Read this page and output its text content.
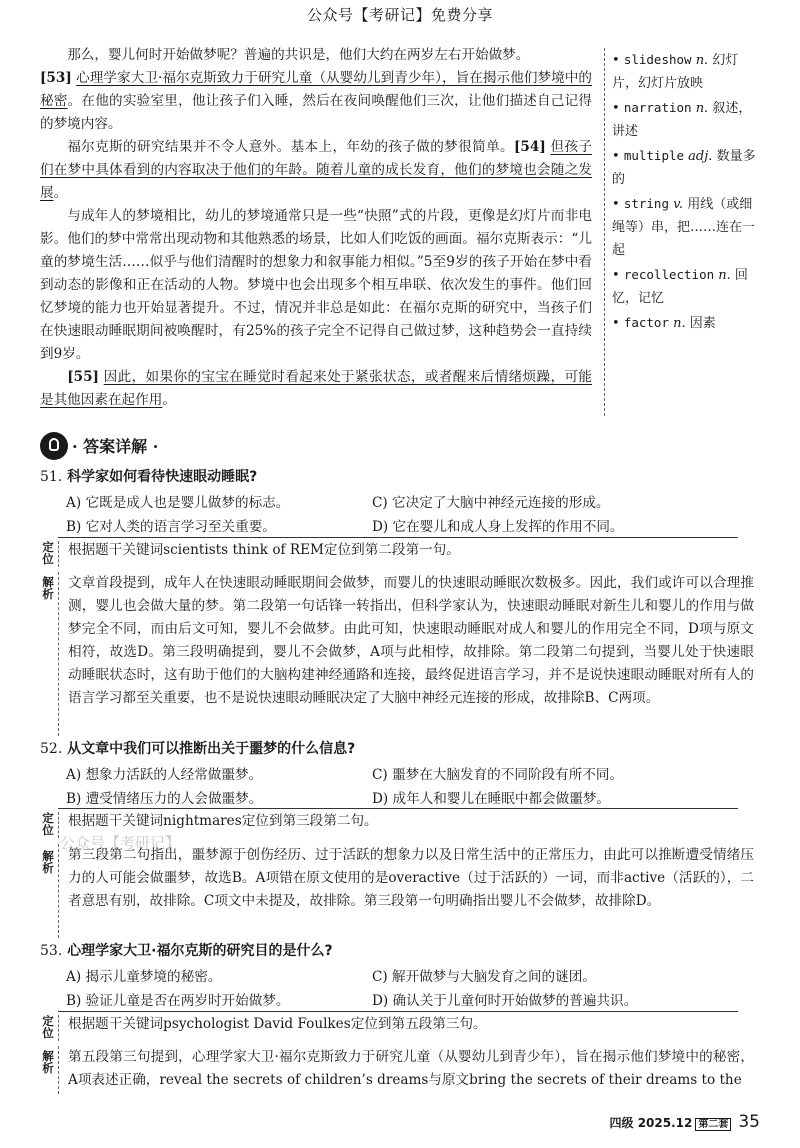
公众号【考研记】免费分享

那么，婴儿何时开始做梦呢？普遍的共识是，他们大约在两岁左右开始做梦。

[53] 心理学家大卫·福尔克斯致力于研究儿童（从婴幼儿到青少年），旨在揭示他们梦境中的秘密。在他的实验室里，他让孩子们入睡，然后在夜间唤醒他们三次，让他们描述自己记得的梦境内容。

福尔克斯的研究结果并不令人意外。基本上，年幼的孩子做的梦很简单。[54] 但孩子们在梦中具体看到的内容取决于他们的年龄。随着儿童的成长发育，他们的梦境也会随之发展。

与成年人的梦境相比，幼儿的梦境通常只是一些“快照”式的片段，更像是幻灯片而非电影。他们的梦中常常出现动物和其他熟悉的场景，比如人们吃饭的画面。福尔克斯表示：“儿童的梦境生活……似乎与他们清醒时的想象力和叙事能力相似。”5至9岁的孩子开始在梦中看到动态的影像和正在活动的人物。梦境中也会出现多个相互串联、依次发生的事件。他们回忆梦境的能力也开始显著提升。不过，情况并非总是如此：在福尔克斯的研究中，当孩子们在快速眼动睡眠期间被唤醒时，有25%的孩子完全不记得自己做过梦，这种趋势会一直持续到9岁。

[55] 因此，如果你的宝宝在睡觉时看起来处于紧张状态，或者醒来后情绪烦躁，可能是其他因素在起作用。

• slideshow n. 幻灯片，幻灯片放映
• narration n. 叙述，讲述
• multiple adj. 数量多的
• string v. 用线（或细绳等）串，把……连在一起
• recollection n. 回忆，记忆
• factor n. 因素
· 答案详解 ·
51. 科学家如何看待快速眼动睡眠?
A) 它既是成人也是婴儿做梦的标志。	C) 它决定了大脑中神经元连接的形成。
B) 它对人类的语言学习至关重要。	D) 它在婴儿和成人身上发挥的作用不同。
定位
根据题干关键词scientists think of REM定位到第二段第一句。
解析
文章首段提到，成年人在快速眼动睡眠期间会做梦，而婴儿的快速眼动睡眠次数极多。因此，我们或许可以合理推测，婴儿也会做大量的梦。第二段第一句话锋一转指出，但科学家认为，快速眼动睡眠对新生儿和婴儿的作用与做梦完全不同，而由后文可知，婴儿不会做梦。由此可知，快速眼动睡眠对成人和婴儿的作用完全不同，D项与原文相符，故选D。第三段明确提到，婴儿不会做梦，A项与此相悖，故排除。第二段第二句提到，当婴儿处于快速眼动睡眠状态时，这有助于他们的大脑构建神经通路和连接，最终促进语言学习，并不是说快速眼动睡眠对所有人的语言学习都至关重要，也不是说快速眼动睡眠决定了大脑中神经元连接的形成，故排除B、C两项。
52. 从文章中我们可以推断出关于噩梦的什么信息?
A) 想象力活跃的人经常做噩梦。	C) 噩梦在大脑发育的不同阶段有所不同。
B) 遭受情绪压力的人会做噩梦。	D) 成年人和婴儿在睡眠中都会做噩梦。
定位
根据题干关键词nightmares定位到第三段第二句。
公众号【考研记】
解析
第三段第二句指出，噩梦源于创伤经历、过于活跃的想象力以及日常生活中的正常压力，由此可以推断遭受情绪压力的人可能会做噩梦，故选B。A项错在原文使用的是overactive（过于活跃的）一词，而非active（活跃的），二者意思有别，故排除。C项文中未提及，故排除。第三段第一句明确指出婴儿不会做梦，故排除D。
53. 心理学家大卫·福尔克斯的研究目的是什么?
A) 揭示儿童梦境的秘密。	C) 解开做梦与大脑发育之间的谜团。
B) 验证儿童是否在两岁时开始做梦。	D) 确认关于儿童何时开始做梦的普遍共识。
定位
根据题干关键词psychologist David Foulkes定位到第五段第三句。
解析
第五段第三句提到，心理学家大卫·福尔克斯致力于研究儿童（从婴幼儿到青少年），旨在揭示他们梦境中的秘密，A项表述正确，reveal the secrets of children’s dreams与原文bring the secrets of their dreams to the
四级 2025.12 第二套 35
